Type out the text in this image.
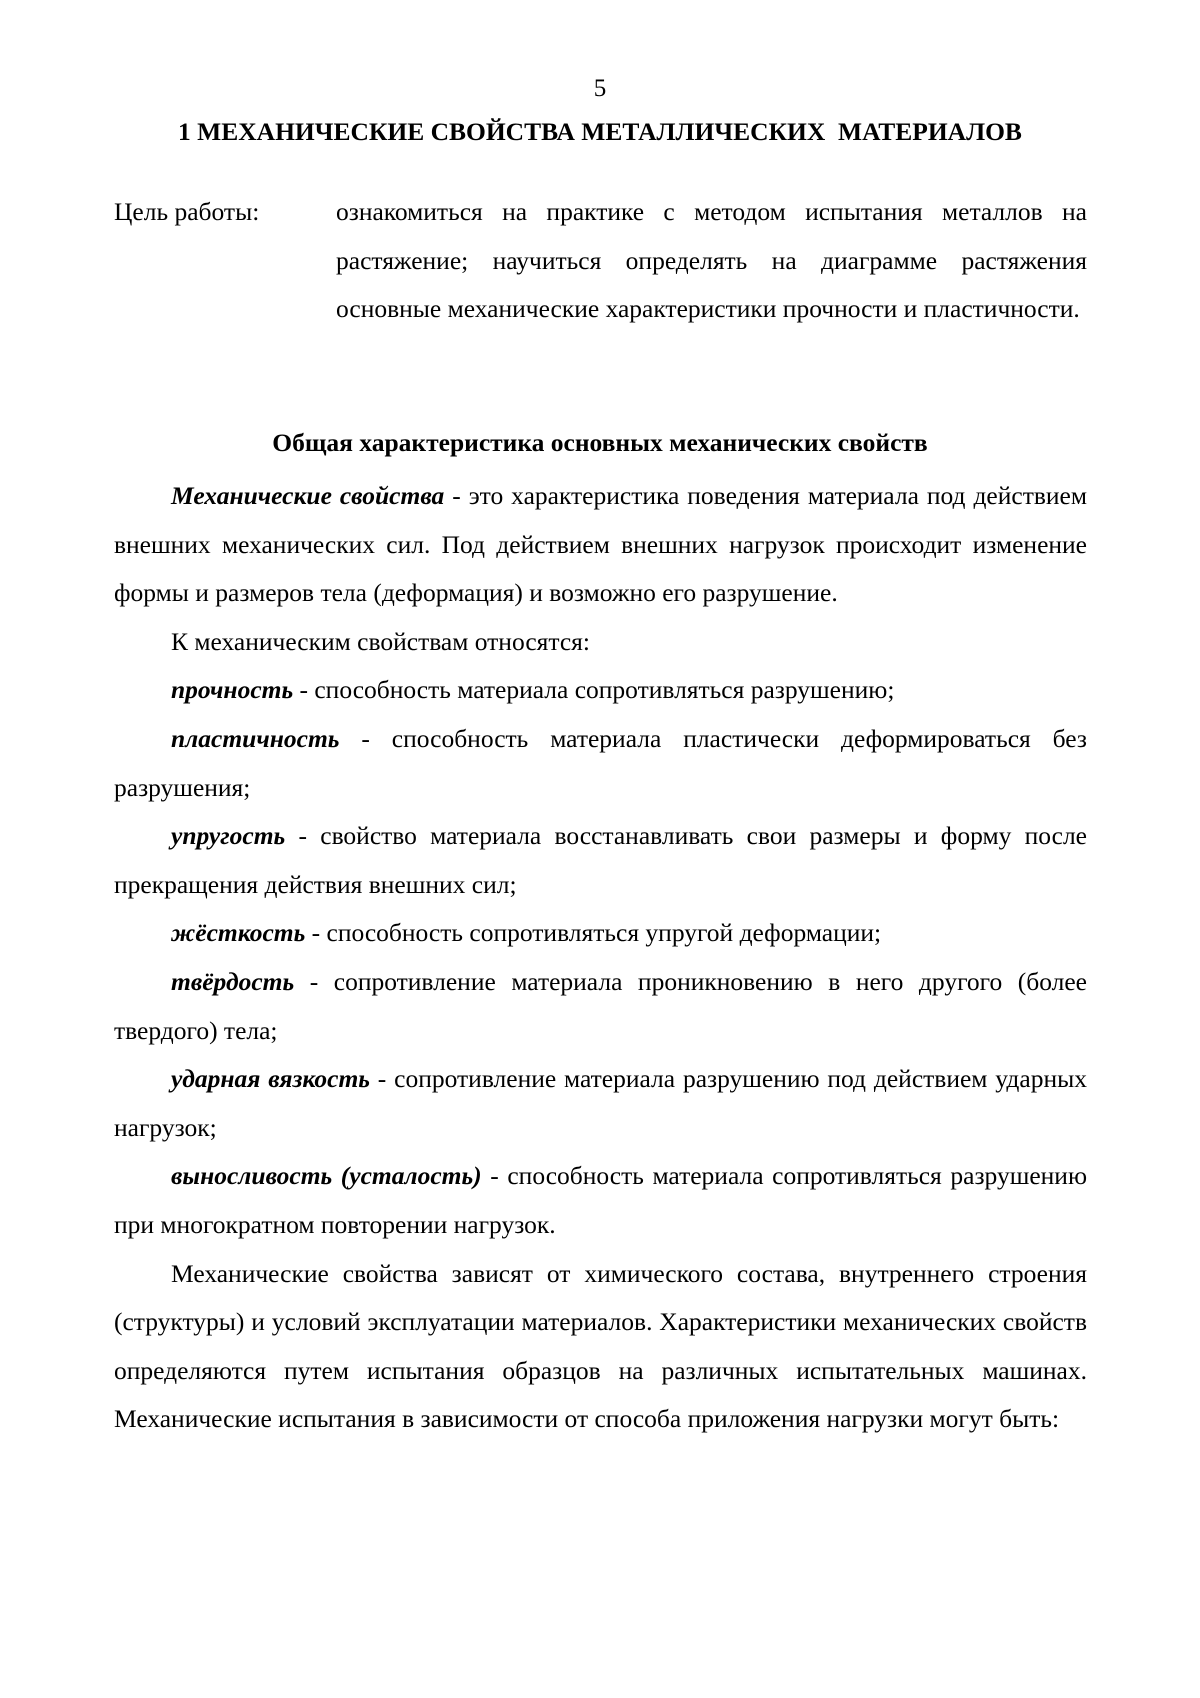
5
1 МЕХАНИЧЕСКИЕ СВОЙСТВА МЕТАЛЛИЧЕСКИХ  МАТЕРИАЛОВ
Цель работы:	ознакомиться на практике с методом испытания металлов на растяжение; научиться определять на диаграмме растяжения основные механические характеристики прочности и пластичности.
Общая характеристика основных механических свойств

Механические свойства - это характеристика поведения материала под действием внешних механических сил. Под действием внешних нагрузок происходит изменение формы и размеров тела (деформация) и возможно его разрушение.

К механическим свойствам относятся:

прочность - способность материала сопротивляться разрушению;

пластичность - способность материала пластически деформироваться без разрушения;

упругость - свойство материала восстанавливать свои размеры и форму после прекращения действия внешних сил;

жёсткость - способность сопротивляться упругой деформации;

твёрдость - сопротивление материала проникновению в него другого (более твердого) тела;

ударная вязкость - сопротивление материала разрушению под действием ударных нагрузок;

выносливость (усталость) - способность материала сопротивляться разрушению при многократном повторении нагрузок.

Механические свойства зависят от химического состава, внутреннего строения (структуры) и условий эксплуатации материалов. Характеристики механических свойств определяются путем испытания образцов на различных испытательных машинах. Механические испытания в зависимости от способа приложения нагрузки могут быть:
